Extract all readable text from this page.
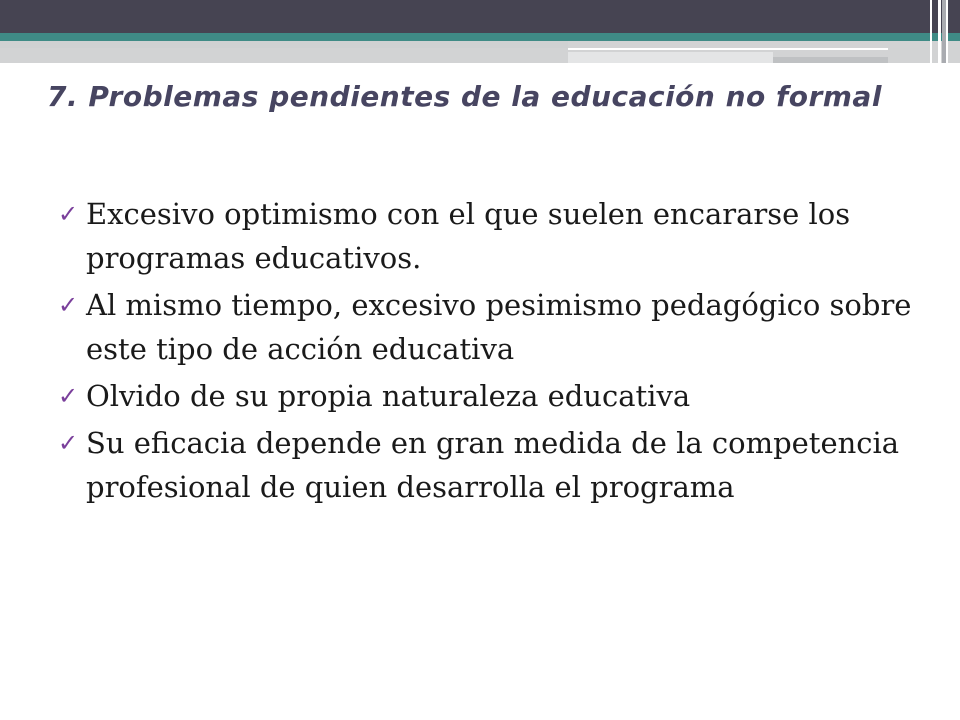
7. Problemas pendientes de la educación no formal
✓ Excesivo optimismo con el que suelen encararse los programas educativos.
✓ Al mismo tiempo, excesivo pesimismo pedagógico sobre este tipo de acción educativa
✓ Olvido de su propia naturaleza educativa
✓ Su eficacia depende en gran medida de la competencia profesional de quien desarrolla el programa
